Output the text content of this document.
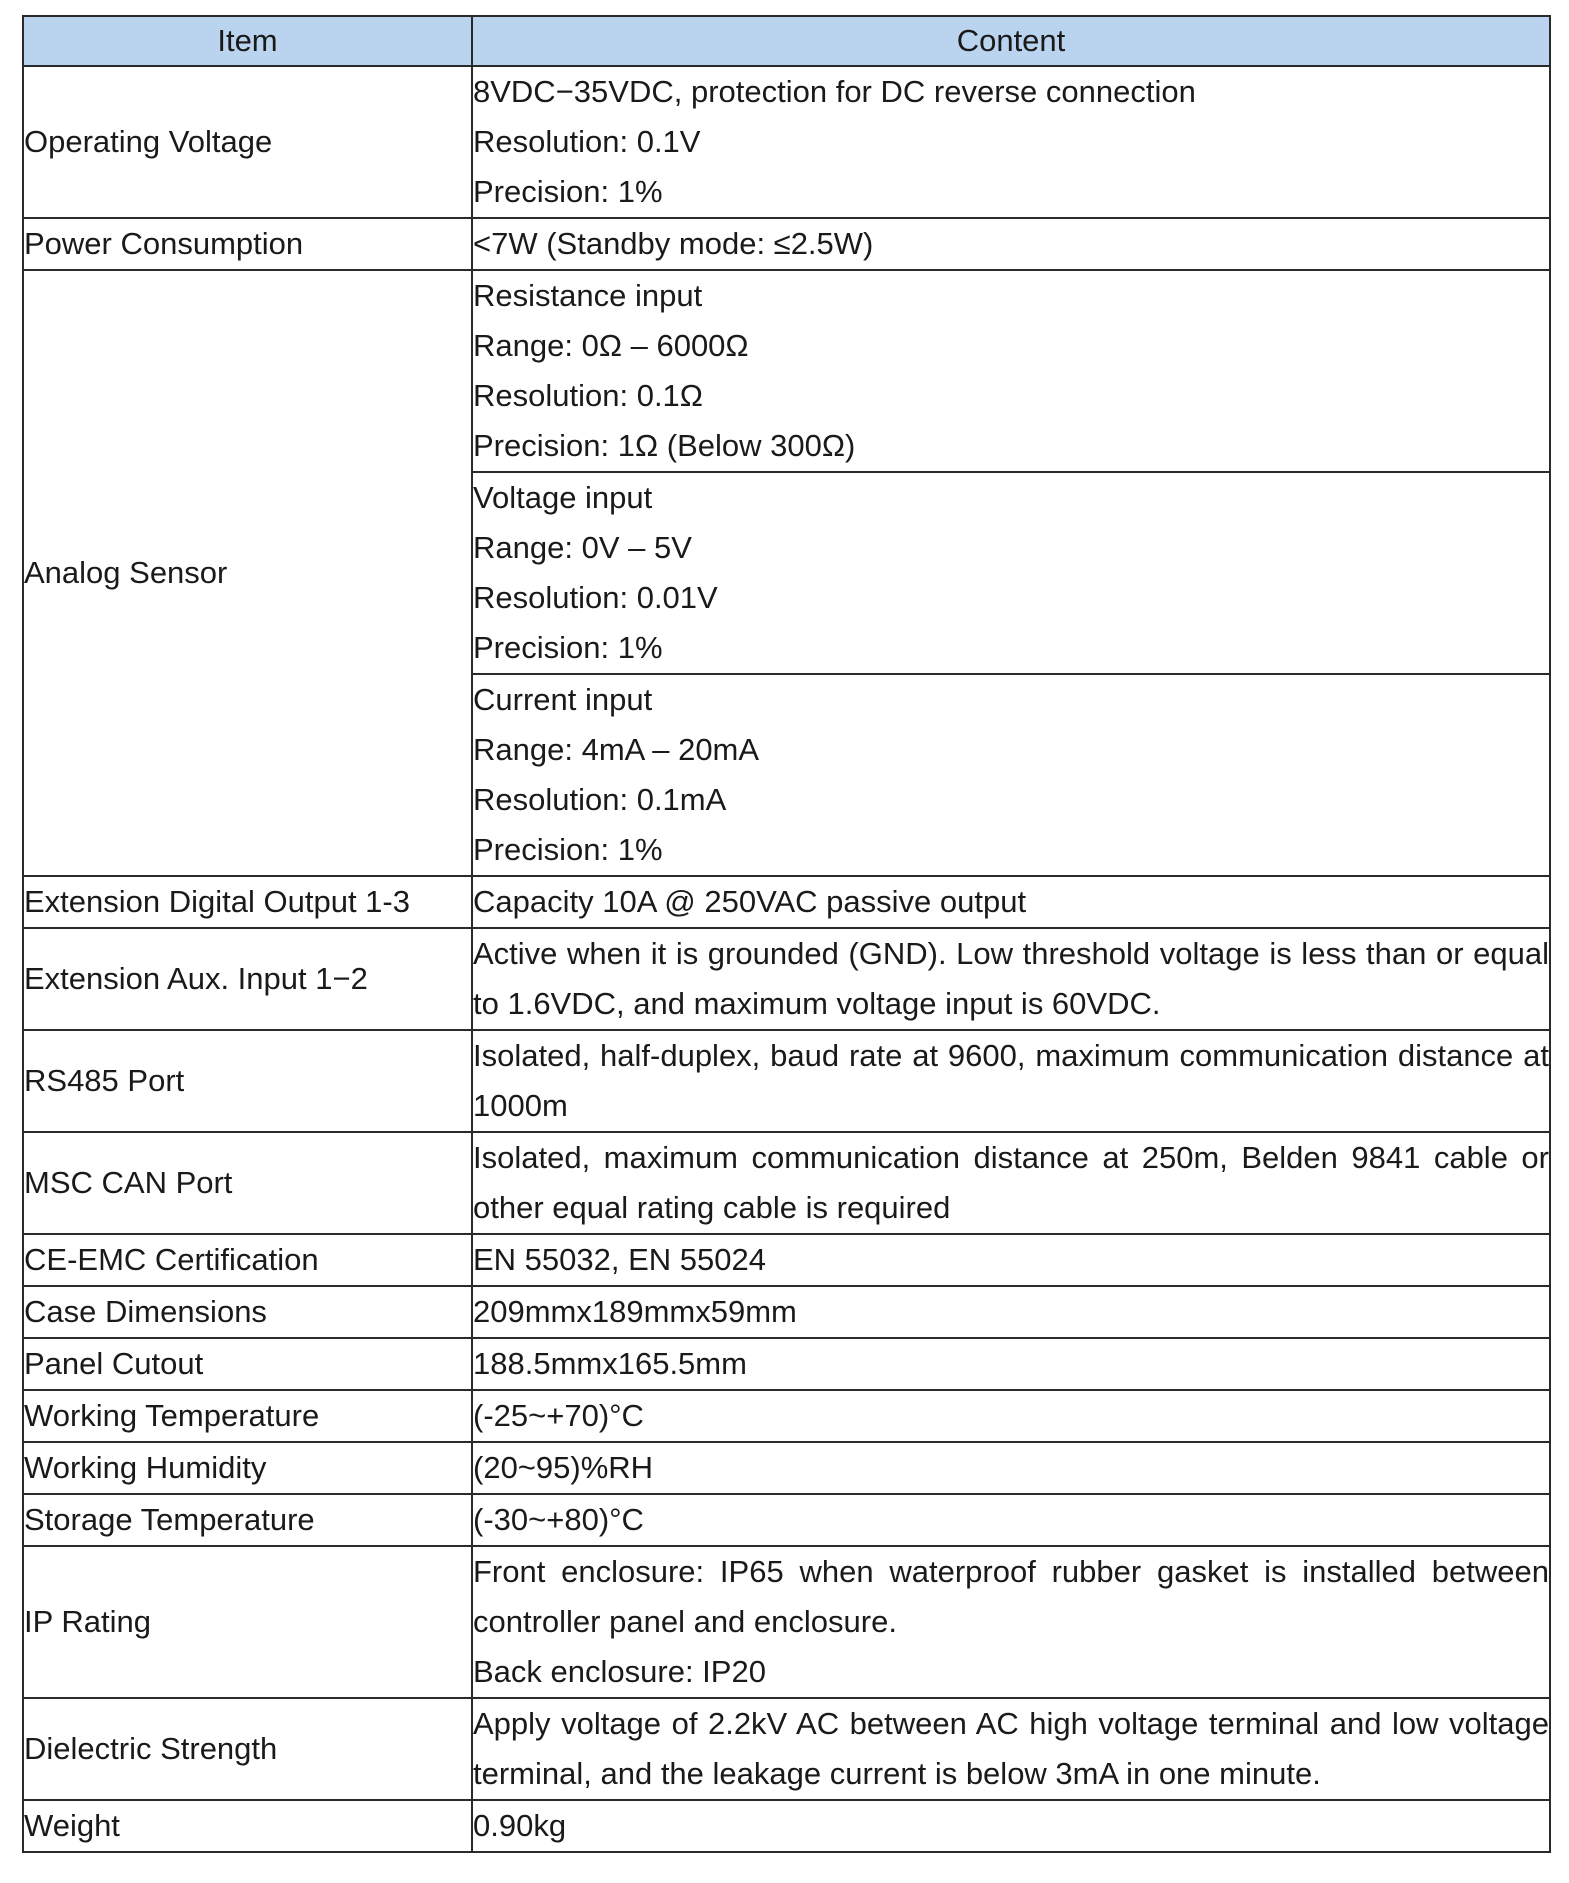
Item	Content
Operating Voltage	8VDC−35VDC, protection for DC reverse connection
Resolution: 0.1V
Precision: 1%

Power Consumption	<7W (Standby mode: ≤2.5W)

Analog Sensor	Resistance input
Range: 0Ω – 6000Ω
Resolution: 0.1Ω
Precision: 1Ω (Below 300Ω)

	Voltage input
Range: 0V – 5V
Resolution: 0.01V
Precision: 1%

	Current input
Range: 4mA – 20mA
Resolution: 0.1mA
Precision: 1%

Extension Digital Output 1-3	Capacity 10A @ 250VAC passive output

Extension Aux. Input 1−2	Active when it is grounded (GND). Low threshold voltage is less than or equal to 1.6VDC, and maximum voltage input is 60VDC.

RS485 Port	Isolated, half-duplex, baud rate at 9600, maximum communication distance at 1000m

MSC CAN Port	Isolated, maximum communication distance at 250m, Belden 9841 cable or other equal rating cable is required

CE-EMC Certification	EN 55032, EN 55024

Case Dimensions	209mmx189mmx59mm

Panel Cutout	188.5mmx165.5mm

Working Temperature	(-25~+70)°C

Working Humidity	(20~95)%RH

Storage Temperature	(-30~+80)°C

IP Rating	Front enclosure: IP65 when waterproof rubber gasket is installed between controller panel and enclosure.
Back enclosure: IP20

Dielectric Strength	Apply voltage of 2.2kV AC between AC high voltage terminal and low voltage terminal, and the leakage current is below 3mA in one minute.

Weight	0.90kg
